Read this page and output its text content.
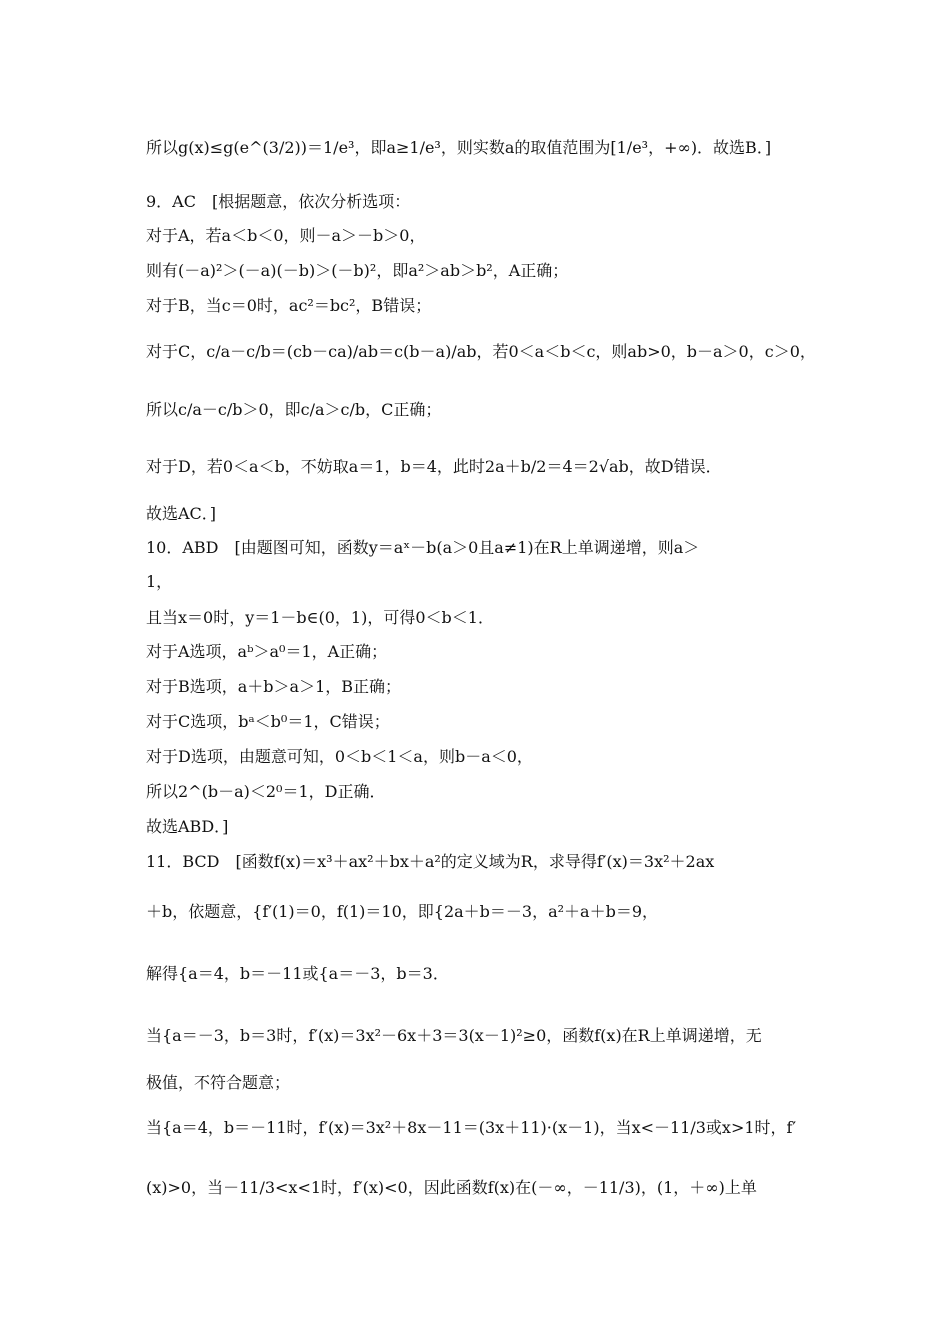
所以g(x)≤g(e^(3/2))＝1/e³，即a≥1/e³，则实数a的取值范围为[1/e³，+∞)．故选B．]
9．AC　[根据题意，依次分析选项：
对于A，若a＜b＜0，则－a＞－b＞0，
则有(－a)²＞(－a)(－b)＞(－b)²，即a²＞ab＞b²，A正确；
对于B，当c＝0时，ac²＝bc²，B错误；
对于C，c/a－c/b＝(cb－ca)/ab＝c(b－a)/ab，若0＜a＜b＜c，则ab>0，b－a＞0，c＞0，
所以c/a－c/b＞0，即c/a＞c/b，C正确；
对于D，若0＜a＜b，不妨取a＝1，b＝4，此时2a＋b/2＝4＝2√ab，故D错误．
故选AC．]
10．ABD　[由题图可知，函数y＝aˣ－b(a＞0且a≠1)在R上单调递增，则a＞
1，
且当x＝0时，y＝1－b∈(0，1)，可得0＜b＜1．
对于A选项，aᵇ＞a⁰＝1，A正确；
对于B选项，a＋b＞a＞1，B正确；
对于C选项，bᵃ＜b⁰＝1，C错误；
对于D选项，由题意可知，0＜b＜1＜a，则b－a＜0，
所以2^(b－a)＜2⁰＝1，D正确．
故选ABD．]
11．BCD　[函数f(x)＝x³＋ax²＋bx＋a²的定义域为R，求导得f′(x)＝3x²＋2ax
＋b，依题意，{f′(1)＝0，f(1)＝10，即{2a＋b＝－3，a²＋a＋b＝9，
解得{a＝4，b＝－11或{a＝－3，b＝3．
当{a＝－3，b＝3时，f′(x)＝3x²－6x＋3＝3(x－1)²≥0，函数f(x)在R上单调递增，无
极值，不符合题意；
当{a＝4，b＝－11时，f′(x)＝3x²＋8x－11＝(3x＋11)·(x－1)，当x<－11/3或x>1时，f′
(x)>0，当－11/3<x<1时，f′(x)<0，因此函数f(x)在(－∞，－11/3)，(1，＋∞)上单
